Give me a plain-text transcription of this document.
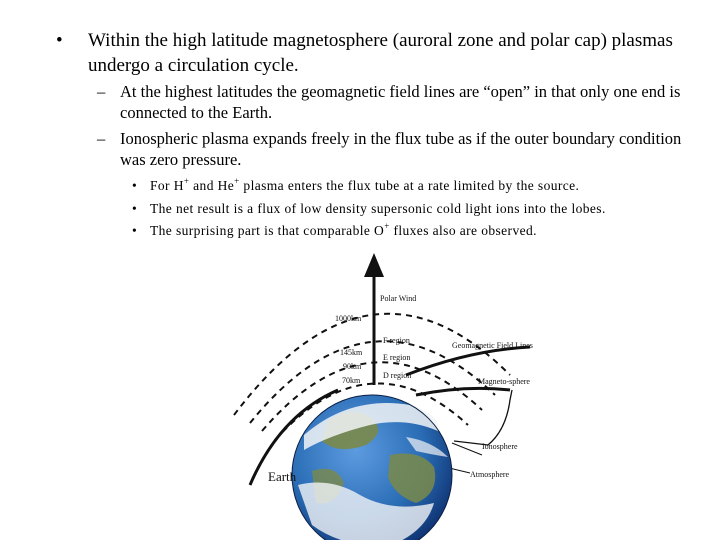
• Within the high latitude magnetosphere (auroral zone and polar cap) plasmas undergo a circulation cycle.
– At the highest latitudes the geomagnetic field lines are “open” in that only one end is connected to the Earth.
– Ionospheric plasma expands freely in the flux tube as if the outer boundary condition was zero pressure.
• For H+ and He+ plasma enters the flux tube at a rate limited by the source.
• The net result is a flux of low density supersonic cold light ions into the lobes.
• The surprising part is that comparable O+ fluxes also are observed.
Polar Wind
1000km
F region
145km
E region
90km
D region
70km
Geomagnetic Field Lines
Magneto-sphere
Ionosphere
Atmosphere
Earth
